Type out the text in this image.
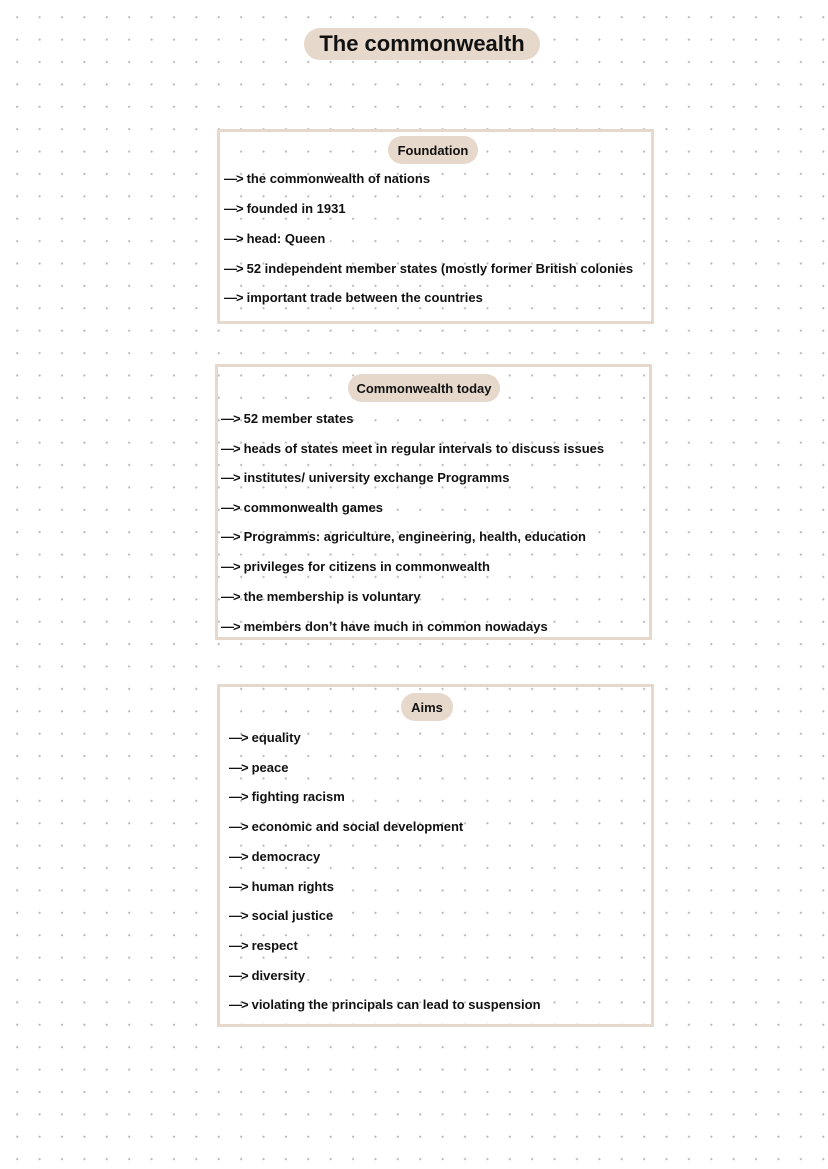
The commonwealth
Foundation
—> the commonwealth of nations
—> founded in 1931
—> head: Queen
—> 52 independent member states (mostly former British colonies
—> important trade between the countries
Commonwealth today
—> 52 member states
—> heads of states meet in regular intervals to discuss issues
—> institutes/ university exchange Programms
—> commonwealth games
—> Programms: agriculture, engineering, health, education
—> privileges for citizens in commonwealth
—> the membership is voluntary
—> members don’t have much in common nowadays
Aims
—> equality
—> peace
—> fighting racism
—> economic and social development
—> democracy
—> human rights
—> social justice
—> respect
—> diversity
—> violating the principals can lead to suspension
